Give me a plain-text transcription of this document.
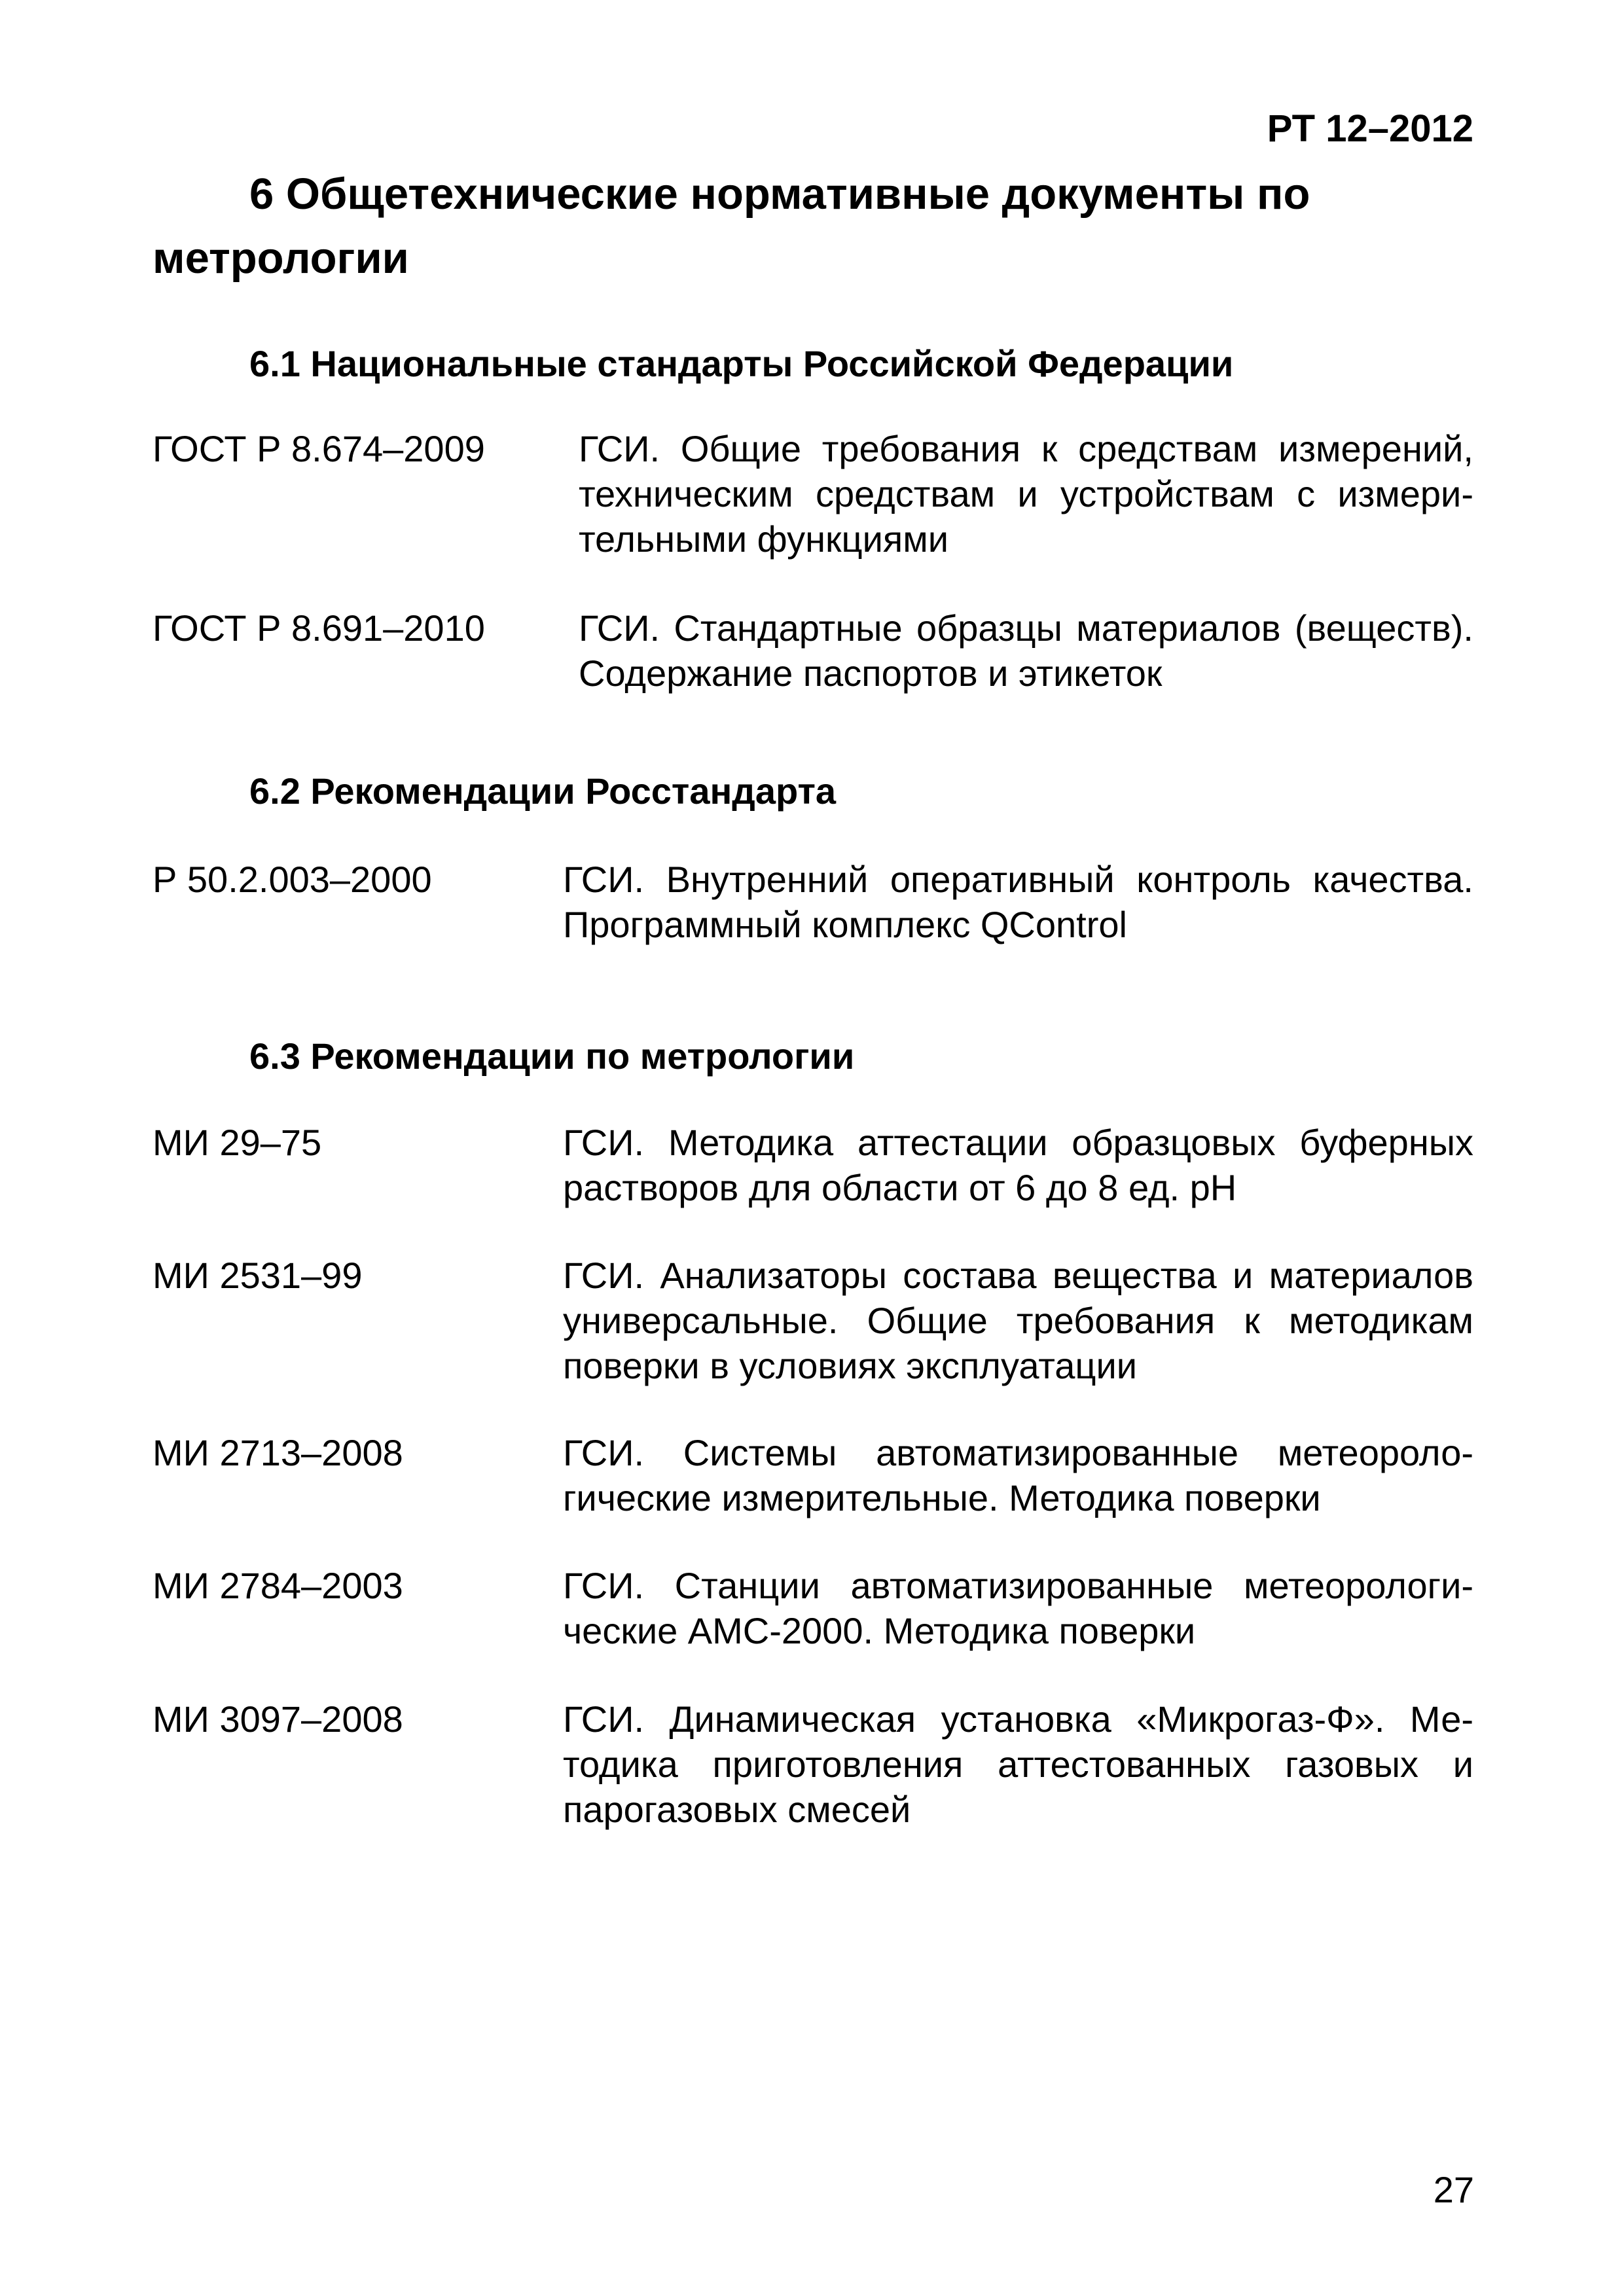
РТ 12–2012
6 Общетехнические нормативные документы по метрологии
6.1 Национальные стандарты Российской Федерации
ГОСТ Р 8.674–2009	ГСИ. Общие требования к средствам измерений, техническим средствам и устройствам с измерительными функциями
ГОСТ Р 8.691–2010	ГСИ. Стандартные образцы материалов (веществ). Содержание паспортов и этикеток
6.2 Рекомендации Росстандарта
Р 50.2.003–2000	ГСИ. Внутренний оперативный контроль качества. Программный комплекс QControl
6.3 Рекомендации по метрологии
МИ 29–75	ГСИ. Методика аттестации образцовых буферных растворов для области от 6 до 8 ед. рН
МИ 2531–99	ГСИ. Анализаторы состава вещества и материалов универсальные. Общие требования к методикам поверки в условиях эксплуатации
МИ 2713–2008	ГСИ. Системы автоматизированные метеорологические измерительные. Методика поверки
МИ 2784–2003	ГСИ. Станции автоматизированные метеорологические АМС-2000. Методика поверки
МИ 3097–2008	ГСИ. Динамическая установка «Микрогаз-Ф». Методика приготовления аттестованных газовых и парогазовых смесей
27
